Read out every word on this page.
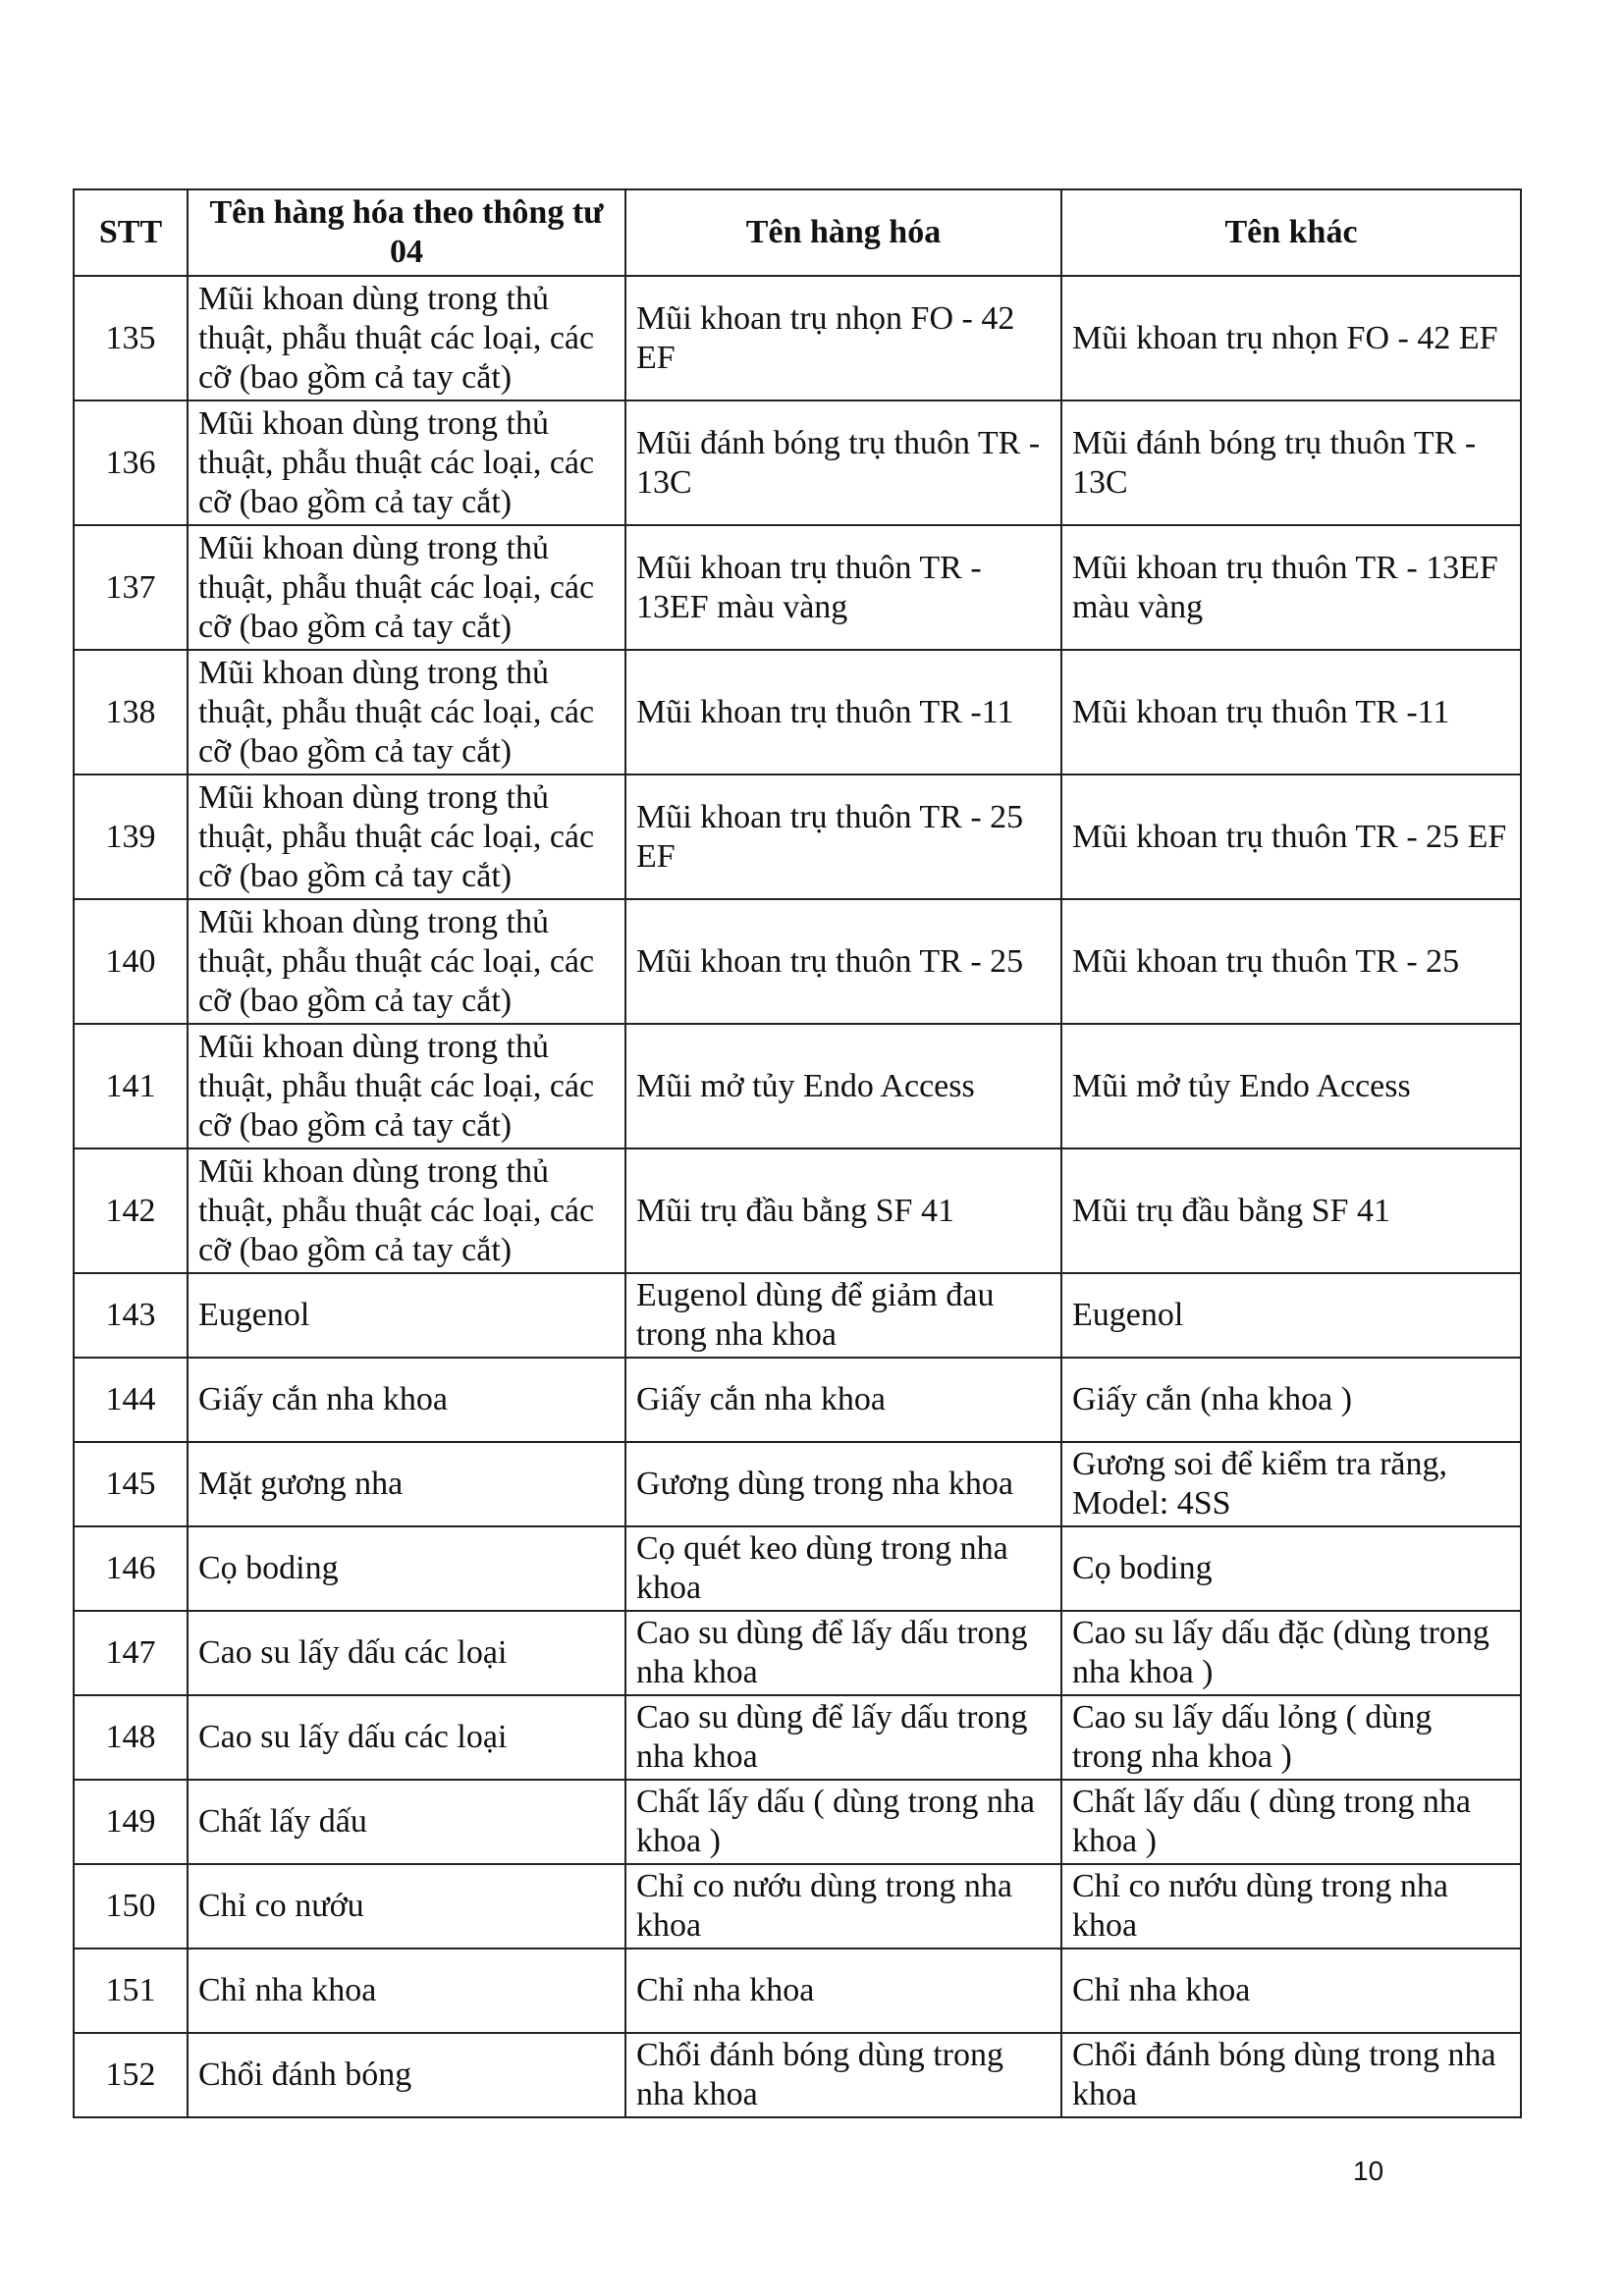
STT	Tên hàng hóa theo thông tư 04	Tên hàng hóa	Tên khác
135	Mũi khoan dùng trong thủ thuật, phẫu thuật các loại, các cỡ (bao gồm cả tay cắt)	Mũi khoan trụ nhọn FO - 42 EF	Mũi khoan trụ nhọn FO - 42 EF
136	Mũi khoan dùng trong thủ thuật, phẫu thuật các loại, các cỡ (bao gồm cả tay cắt)	Mũi đánh bóng trụ thuôn TR - 13C	Mũi đánh bóng trụ thuôn TR - 13C
137	Mũi khoan dùng trong thủ thuật, phẫu thuật các loại, các cỡ (bao gồm cả tay cắt)	Mũi khoan trụ thuôn TR - 13EF màu vàng	Mũi khoan trụ thuôn TR - 13EF màu vàng
138	Mũi khoan dùng trong thủ thuật, phẫu thuật các loại, các cỡ (bao gồm cả tay cắt)	Mũi khoan trụ thuôn TR -11	Mũi khoan trụ thuôn TR -11
139	Mũi khoan dùng trong thủ thuật, phẫu thuật các loại, các cỡ (bao gồm cả tay cắt)	Mũi khoan trụ thuôn TR - 25 EF	Mũi khoan trụ thuôn TR - 25 EF
140	Mũi khoan dùng trong thủ thuật, phẫu thuật các loại, các cỡ (bao gồm cả tay cắt)	Mũi khoan trụ thuôn TR - 25	Mũi khoan trụ thuôn TR - 25
141	Mũi khoan dùng trong thủ thuật, phẫu thuật các loại, các cỡ (bao gồm cả tay cắt)	Mũi mở tủy Endo Access	Mũi mở tủy Endo Access
142	Mũi khoan dùng trong thủ thuật, phẫu thuật các loại, các cỡ (bao gồm cả tay cắt)	Mũi trụ đầu bằng SF 41	Mũi trụ đầu bằng SF 41
143	Eugenol	Eugenol dùng để giảm đau trong nha khoa	Eugenol
144	Giấy cắn nha khoa	Giấy cắn nha khoa	Giấy cắn (nha khoa )
145	Mặt gương nha	Gương dùng trong nha khoa	Gương soi để kiểm tra răng, Model: 4SS
146	Cọ boding	Cọ quét keo dùng trong nha khoa	Cọ boding
147	Cao su lấy dấu các loại	Cao su dùng để lấy dấu trong nha khoa	Cao su lấy dấu đặc (dùng trong nha khoa )
148	Cao su lấy dấu các loại	Cao su dùng để lấy dấu trong nha khoa	Cao su lấy dấu lỏng ( dùng trong nha khoa )
149	Chất lấy dấu	Chất lấy dấu ( dùng trong nha khoa )	Chất lấy dấu ( dùng trong nha khoa )
150	Chỉ co nướu	Chỉ co nướu dùng trong nha khoa	Chỉ co nướu dùng trong nha khoa
151	Chỉ nha khoa	Chỉ nha khoa	Chỉ nha khoa
152	Chổi đánh bóng	Chổi đánh bóng dùng trong nha khoa	Chổi đánh bóng dùng trong nha khoa
10
